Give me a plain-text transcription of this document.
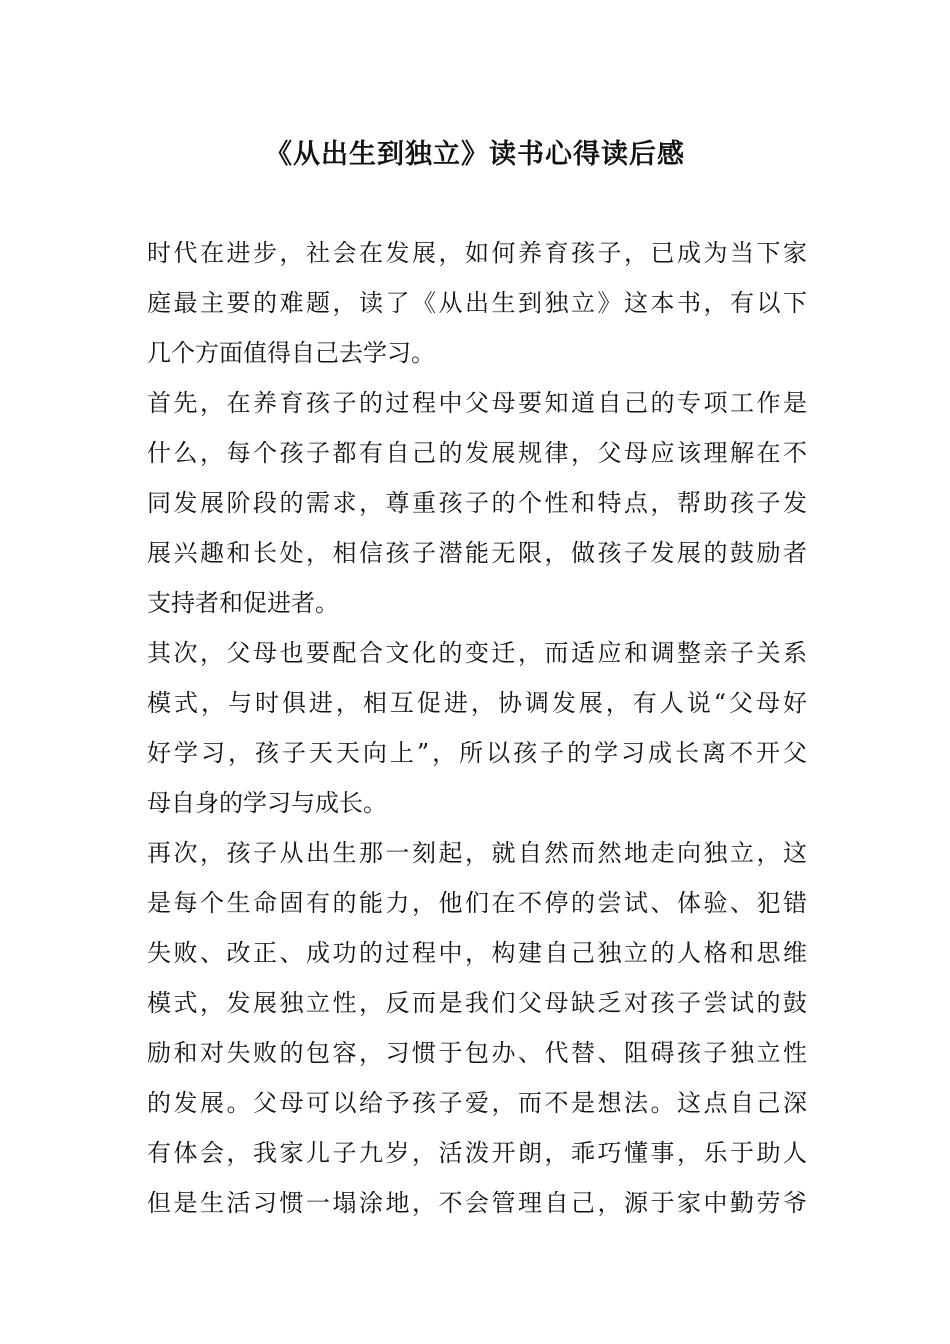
《从出生到独立》读书心得读后感
时代在进步，社会在发展，如何养育孩子，已成为当下家
庭最主要的难题，读了《从出生到独立》这本书，有以下
几个方面值得自己去学习。
首先，在养育孩子的过程中父母要知道自己的专项工作是
什么，每个孩子都有自己的发展规律，父母应该理解在不
同发展阶段的需求，尊重孩子的个性和特点，帮助孩子发
展兴趣和长处，相信孩子潜能无限，做孩子发展的鼓励者
支持者和促进者。
其次，父母也要配合文化的变迁，而适应和调整亲子关系
模式，与时俱进，相互促进，协调发展，有人说“父母好
好学习，孩子天天向上”，所以孩子的学习成长离不开父
母自身的学习与成长。
再次，孩子从出生那一刻起，就自然而然地走向独立，这
是每个生命固有的能力，他们在不停的尝试、体验、犯错
失败、改正、成功的过程中，构建自己独立的人格和思维
模式，发展独立性，反而是我们父母缺乏对孩子尝试的鼓
励和对失败的包容，习惯于包办、代替、阻碍孩子独立性
的发展。父母可以给予孩子爱，而不是想法。这点自己深
有体会，我家儿子九岁，活泼开朗，乖巧懂事，乐于助人
但是生活习惯一塌涂地，不会管理自己，源于家中勤劳爷
